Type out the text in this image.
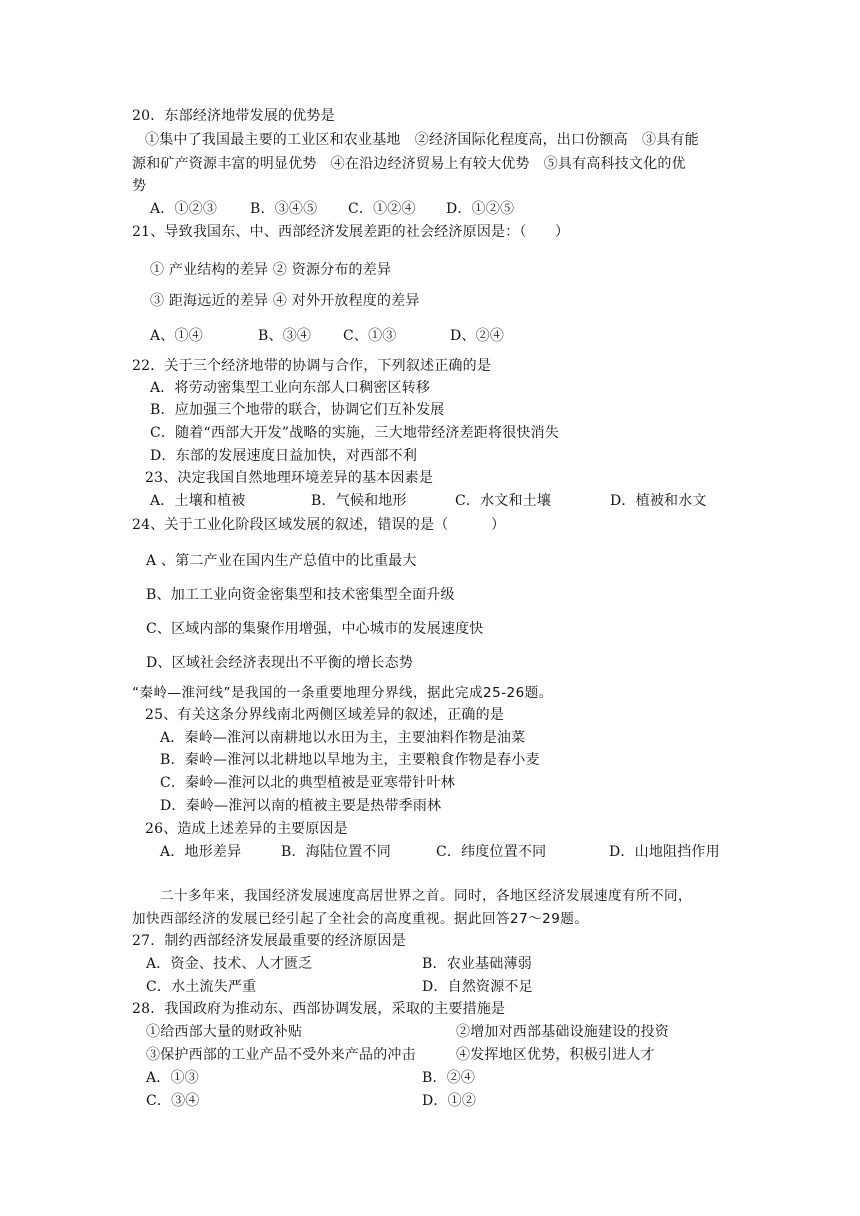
20．东部经济地带发展的优势是
①集中了我国最主要的工业区和农业基地　②经济国际化程度高，出口份额高　③具有能
源和矿产资源丰富的明显优势　④在沿边经济贸易上有较大优势　⑤具有高科技文化的优
势
A．①②③ B．③④⑤ C．①②④ D．①②⑤
21、导致我国东、中、西部经济发展差距的社会经济原因是：（　　）
① 产业结构的差异 ② 资源分布的差异
③ 距海远近的差异 ④ 对外开放程度的差异
A、①④	B、③④ C、①③	D、②④
22．关于三个经济地带的协调与合作，下列叙述正确的是
A．将劳动密集型工业向东部人口稠密区转移
B．应加强三个地带的联合，协调它们互补发展
C．随着“西部大开发”战略的实施，三大地带经济差距将很快消失
D．东部的发展速度日益加快，对西部不利
23、决定我国自然地理环境差异的基本因素是
A．土壤和植被	B．气候和地形	C．水文和土壤	D．植被和水文
24、关于工业化阶段区域发展的叙述，错误的是（　　　）
A 、第二产业在国内生产总值中的比重最大
B、加工工业向资金密集型和技术密集型全面升级
C、区域内部的集聚作用增强，中心城市的发展速度快
D、区域社会经济表现出不平衡的增长态势
“秦岭—淮河线”是我国的一条重要地理分界线，据此完成25-26题。
25、有关这条分界线南北两侧区域差异的叙述，正确的是
A．秦岭—淮河以南耕地以水田为主，主要油料作物是油菜
B．秦岭—淮河以北耕地以旱地为主，主要粮食作物是春小麦
C．秦岭—淮河以北的典型植被是亚寒带针叶林
D．秦岭—淮河以南的植被主要是热带季雨林
26、造成上述差异的主要原因是
A．地形差异	B．海陆位置不同	C．纬度位置不同	D．山地阻挡作用
二十多年来，我国经济发展速度高居世界之首。同时，各地区经济发展速度有所不同，
加快西部经济的发展已经引起了全社会的高度重视。据此回答27～29题。
27．制约西部经济发展最重要的经济原因是
A．资金、技术、人才匮乏	B．农业基础薄弱
C．水土流失严重	D．自然资源不足
28．我国政府为推动东、西部协调发展，采取的主要措施是
①给西部大量的财政补贴	②增加对西部基础设施建设的投资
③保护西部的工业产品不受外来产品的冲击	④发挥地区优势，积极引进人才
A．①③	B．②④
C．③④	D．①②
